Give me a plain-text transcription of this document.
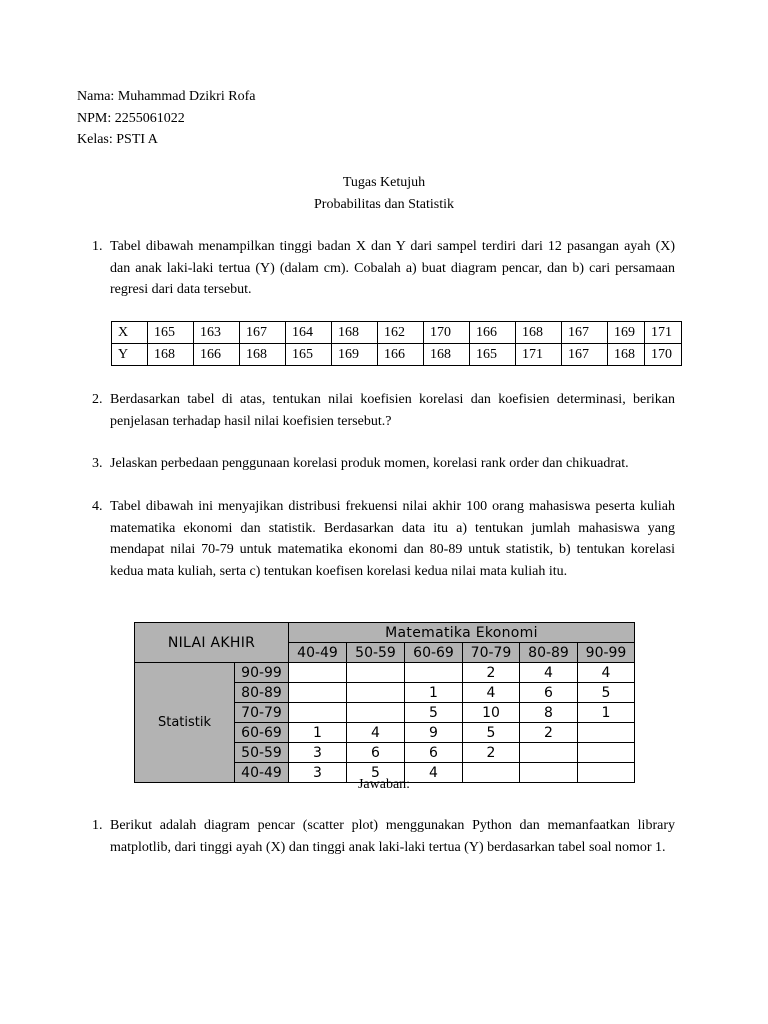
Nama: Muhammad Dzikri Rofa
NPM: 2255061022
Kelas: PSTI A
Tugas Ketujuh
Probabilitas dan Statistik
1. Tabel dibawah menampilkan tinggi badan X dan Y dari sampel terdiri dari 12 pasangan ayah (X) dan anak laki-laki tertua (Y) (dalam cm). Cobalah a) buat diagram pencar, dan b) cari persamaan regresi dari data tersebut.

X	165	163	167	164	168	162	170	166	168	167	169	171
Y	168	166	168	165	169	166	168	165	171	167	168	170
2. Berdasarkan tabel di atas, tentukan nilai koefisien korelasi dan koefisien determinasi, berikan penjelasan terhadap hasil nilai koefisien tersebut.?

3. Jelaskan perbedaan penggunaan korelasi produk momen, korelasi rank order dan chikuadrat.

4. Tabel dibawah ini menyajikan distribusi frekuensi nilai akhir 100 orang mahasiswa peserta kuliah matematika ekonomi dan statistik. Berdasarkan data itu a) tentukan jumlah mahasiswa yang mendapat nilai 70-79 untuk matematika ekonomi dan 80-89 untuk statistik, b) tentukan korelasi kedua mata kuliah, serta c) tentukan koefisen korelasi kedua nilai mata kuliah itu.

NILAI AKHIR		Matematika Ekonomi					
		40-49	50-59	60-69	70-79	80-89	90-99
Statistik	90-99				2	4	4
	80-89			1	4	6	5
	70-79			5	10	8	1
	60-69	1	4	9	5	2	
	50-59	3	6	6	2		
	40-49	3	5	4			
Jawaban:
1. Berikut adalah diagram pencar (scatter plot) menggunakan Python dan memanfaatkan library matplotlib, dari tinggi ayah (X) dan tinggi anak laki-laki tertua (Y) berdasarkan tabel soal nomor 1.
